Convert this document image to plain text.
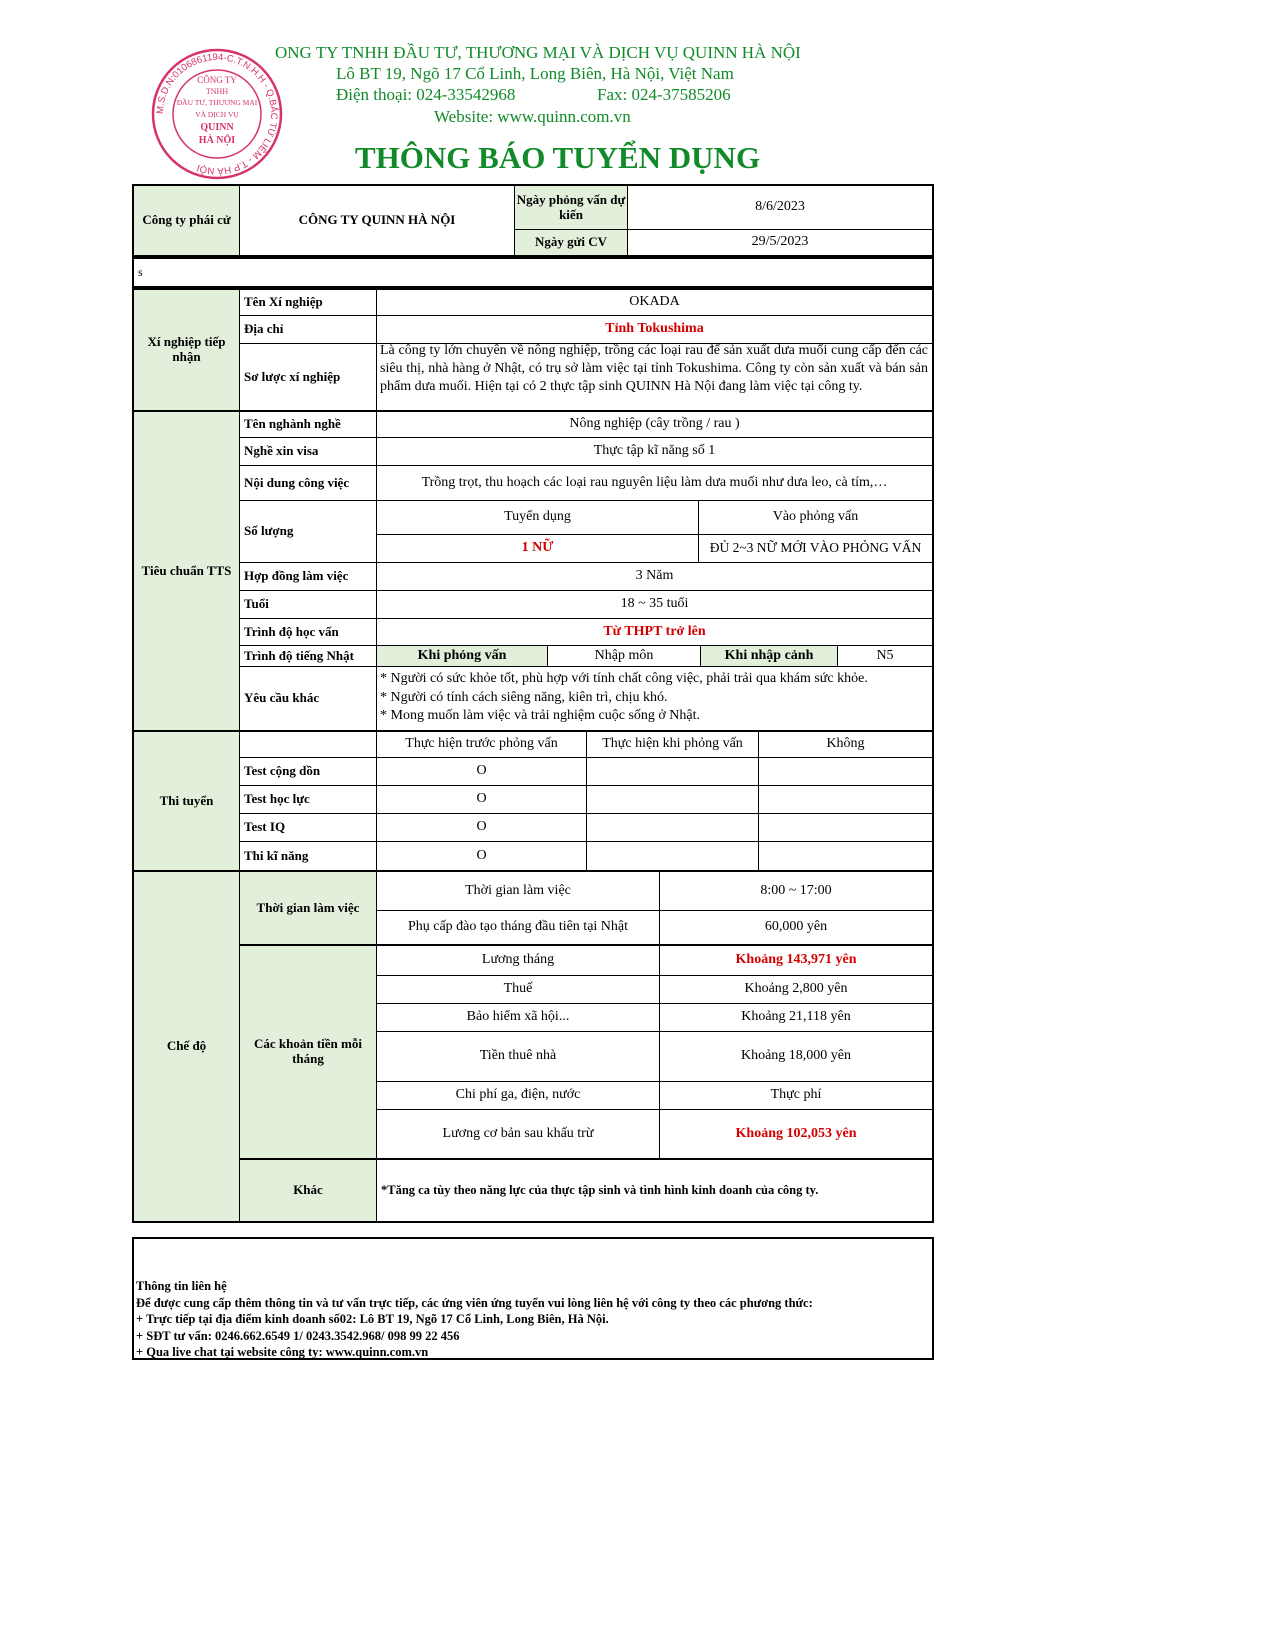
M.S.D.N:0106861194-C.T.N.H.H - Q.BẮC TỪ LIÊM - T.P HÀ NỘI
CÔNG TY
TNHH
ĐẦU TƯ, THƯƠNG MẠI
VÀ DỊCH VỤ
QUINN
HÀ NỘI
ONG TY TNHH ĐẦU TƯ, THƯƠNG MẠI VÀ DỊCH VỤ QUINN HÀ NỘI
Lô BT 19, Ngõ 17 Cổ Linh, Long Biên, Hà Nội, Việt Nam
Điện thoại: 024-33542968	Fax: 024-37585206
Website: www.quinn.com.vn
THÔNG BÁO TUYỂN DỤNG
Công ty phái cử	CÔNG TY QUINN HÀ NỘI
Ngày phỏng vấn dự kiến	8/6/2023
Ngày gửi CV	29/5/2023
s
Xí nghiệp tiếp nhận
Tên Xí nghiệp	OKADA
Địa chỉ	Tỉnh Tokushima
Sơ lược xí nghiệp
Là công ty lớn chuyên về nông nghiệp, trồng các loại rau để sản xuất dưa muối cung cấp đến các siêu thị, nhà hàng ở Nhật, có trụ sở làm việc tại tỉnh Tokushima. Công ty còn sản xuất và bán sản phẩm dưa muối. Hiện tại có 2 thực tập sinh QUINN Hà Nội đang làm việc tại công ty.
Tiêu chuẩn TTS
Tên nghành nghề	Nông nghiệp (cây trồng / rau )
Nghề xin visa	Thực tập kĩ năng số 1
Nội dung công việc	Trồng trọt, thu hoạch các loại rau nguyên liệu làm dưa muối như dưa leo, cà tím,…
Số lượng
Tuyển dụng	Vào phỏng vấn
1 NỮ	ĐỦ 2~3 NỮ MỚI VÀO PHỎNG VẤN
Hợp đồng làm việc	3 Năm
Tuổi	18 ~ 35 tuổi
Trình độ học vấn	Từ THPT trở lên
Trình độ tiếng Nhật	Khi phỏng vấn	Nhập môn	Khi nhập cảnh	N5
Yêu cầu khác
* Người có sức khỏe tốt, phù hợp với tính chất công việc, phải trải qua khám sức khỏe.
* Người có tính cách siêng năng, kiên trì, chịu khó.
* Mong muốn làm việc và trải nghiệm cuộc sống ở Nhật.
Thi tuyển
Thực hiện trước phỏng vấn	Thực hiện khi phỏng vấn	Không
Test cộng dồn	O
Test học lực	O
Test IQ	O
Thi kĩ năng	O
Chế độ
Thời gian làm việc
Thời gian làm việc	8:00 ~ 17:00
Phụ cấp đào tạo tháng đầu tiên tại Nhật	60,000 yên
Các khoản tiền mỗi tháng
Lương tháng	Khoảng 143,971 yên
Thuế	Khoảng 2,800 yên
Bảo hiểm xã hội...	Khoảng 21,118 yên
Tiền thuê nhà	Khoảng 18,000 yên
Chi phí ga, điện, nước	Thực phí
Lương cơ bản sau khấu trừ	Khoảng 102,053 yên
Khác	*Tăng ca tùy theo năng lực của thực tập sinh và tình hình kinh doanh của công ty.
Thông tin liên hệ
Để được cung cấp thêm thông tin và tư vấn trực tiếp, các ứng viên ứng tuyển vui lòng liên hệ với công ty theo các phương thức:
+ Trực tiếp tại địa điểm kinh doanh số02: Lô BT 19, Ngõ 17 Cổ Linh, Long Biên, Hà Nội.
+ SĐT tư vấn: 0246.662.6549 1/ 0243.3542.968/ 098 99 22 456
+ Qua live chat tại website công ty: www.quinn.com.vn
